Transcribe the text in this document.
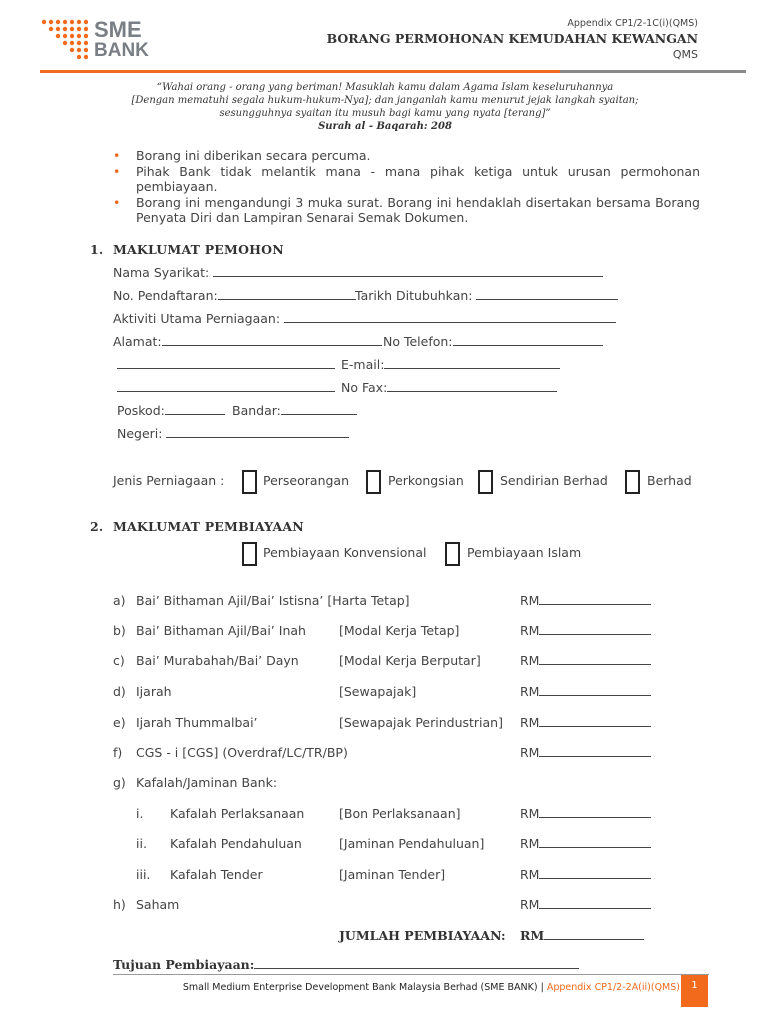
SME
BANK
Appendix CP1/2-1C(i)(QMS)
BORANG PERMOHONAN KEMUDAHAN KEWANGAN
QMS
“Wahai orang - orang yang beriman! Masuklah kamu dalam Agama Islam keseluruhannya
[Dengan mematuhi segala hukum-hukum-Nya]; dan janganlah kamu menurut jejak langkah syaitan;
sesungguhnya syaitan itu musuh bagi kamu yang nyata [terang]”
Surah al - Baqarah: 208
• Borang ini diberikan secara percuma.
• Pihak Bank tidak melantik mana - mana pihak ketiga untuk urusan permohonan pembiayaan.
• Borang ini mengandungi 3 muka surat. Borang ini hendaklah disertakan bersama Borang Penyata Diri dan Lampiran Senarai Semak Dokumen.
1. MAKLUMAT PEMOHON
Nama Syarikat:
No. Pendaftaran:	Tarikh Ditubuhkan:
Aktiviti Utama Perniagaan:
Alamat:	No Telefon:
E-mail:
No Fax:
Poskod:	Bandar:
Negeri:
Jenis Perniagaan :	Perseorangan	Perkongsian	Sendirian Berhad	Berhad
2. MAKLUMAT PEMBIAYAAN
Pembiayaan Konvensional	Pembiayaan Islam
a) Bai’ Bithaman Ajil/Bai’ Istisna’ [Harta Tetap]	RM
b) Bai’ Bithaman Ajil/Bai’ Inah	[Modal Kerja Tetap]	RM
c) Bai’ Murabahah/Bai’ Dayn	[Modal Kerja Berputar]	RM
d) Ijarah	[Sewapajak]	RM
e) Ijarah Thummalbai’	[Sewapajak Perindustrian] RM
f) CGS - i [CGS] (Overdraf/LC/TR/BP)	RM
g) Kafalah/Jaminan Bank:
i. Kafalah Perlaksanaan	[Bon Perlaksanaan]	RM
ii. Kafalah Pendahuluan	[Jaminan Pendahuluan]	RM
iii. Kafalah Tender	[Jaminan Tender]	RM
h) Saham	RM
JUMLAH PEMBIAYAAN: RM
Tujuan Pembiayaan:
Small Medium Enterprise Development Bank Malaysia Berhad (SME BANK) | Appendix CP1/2-2A(ii)(QMS)	1
